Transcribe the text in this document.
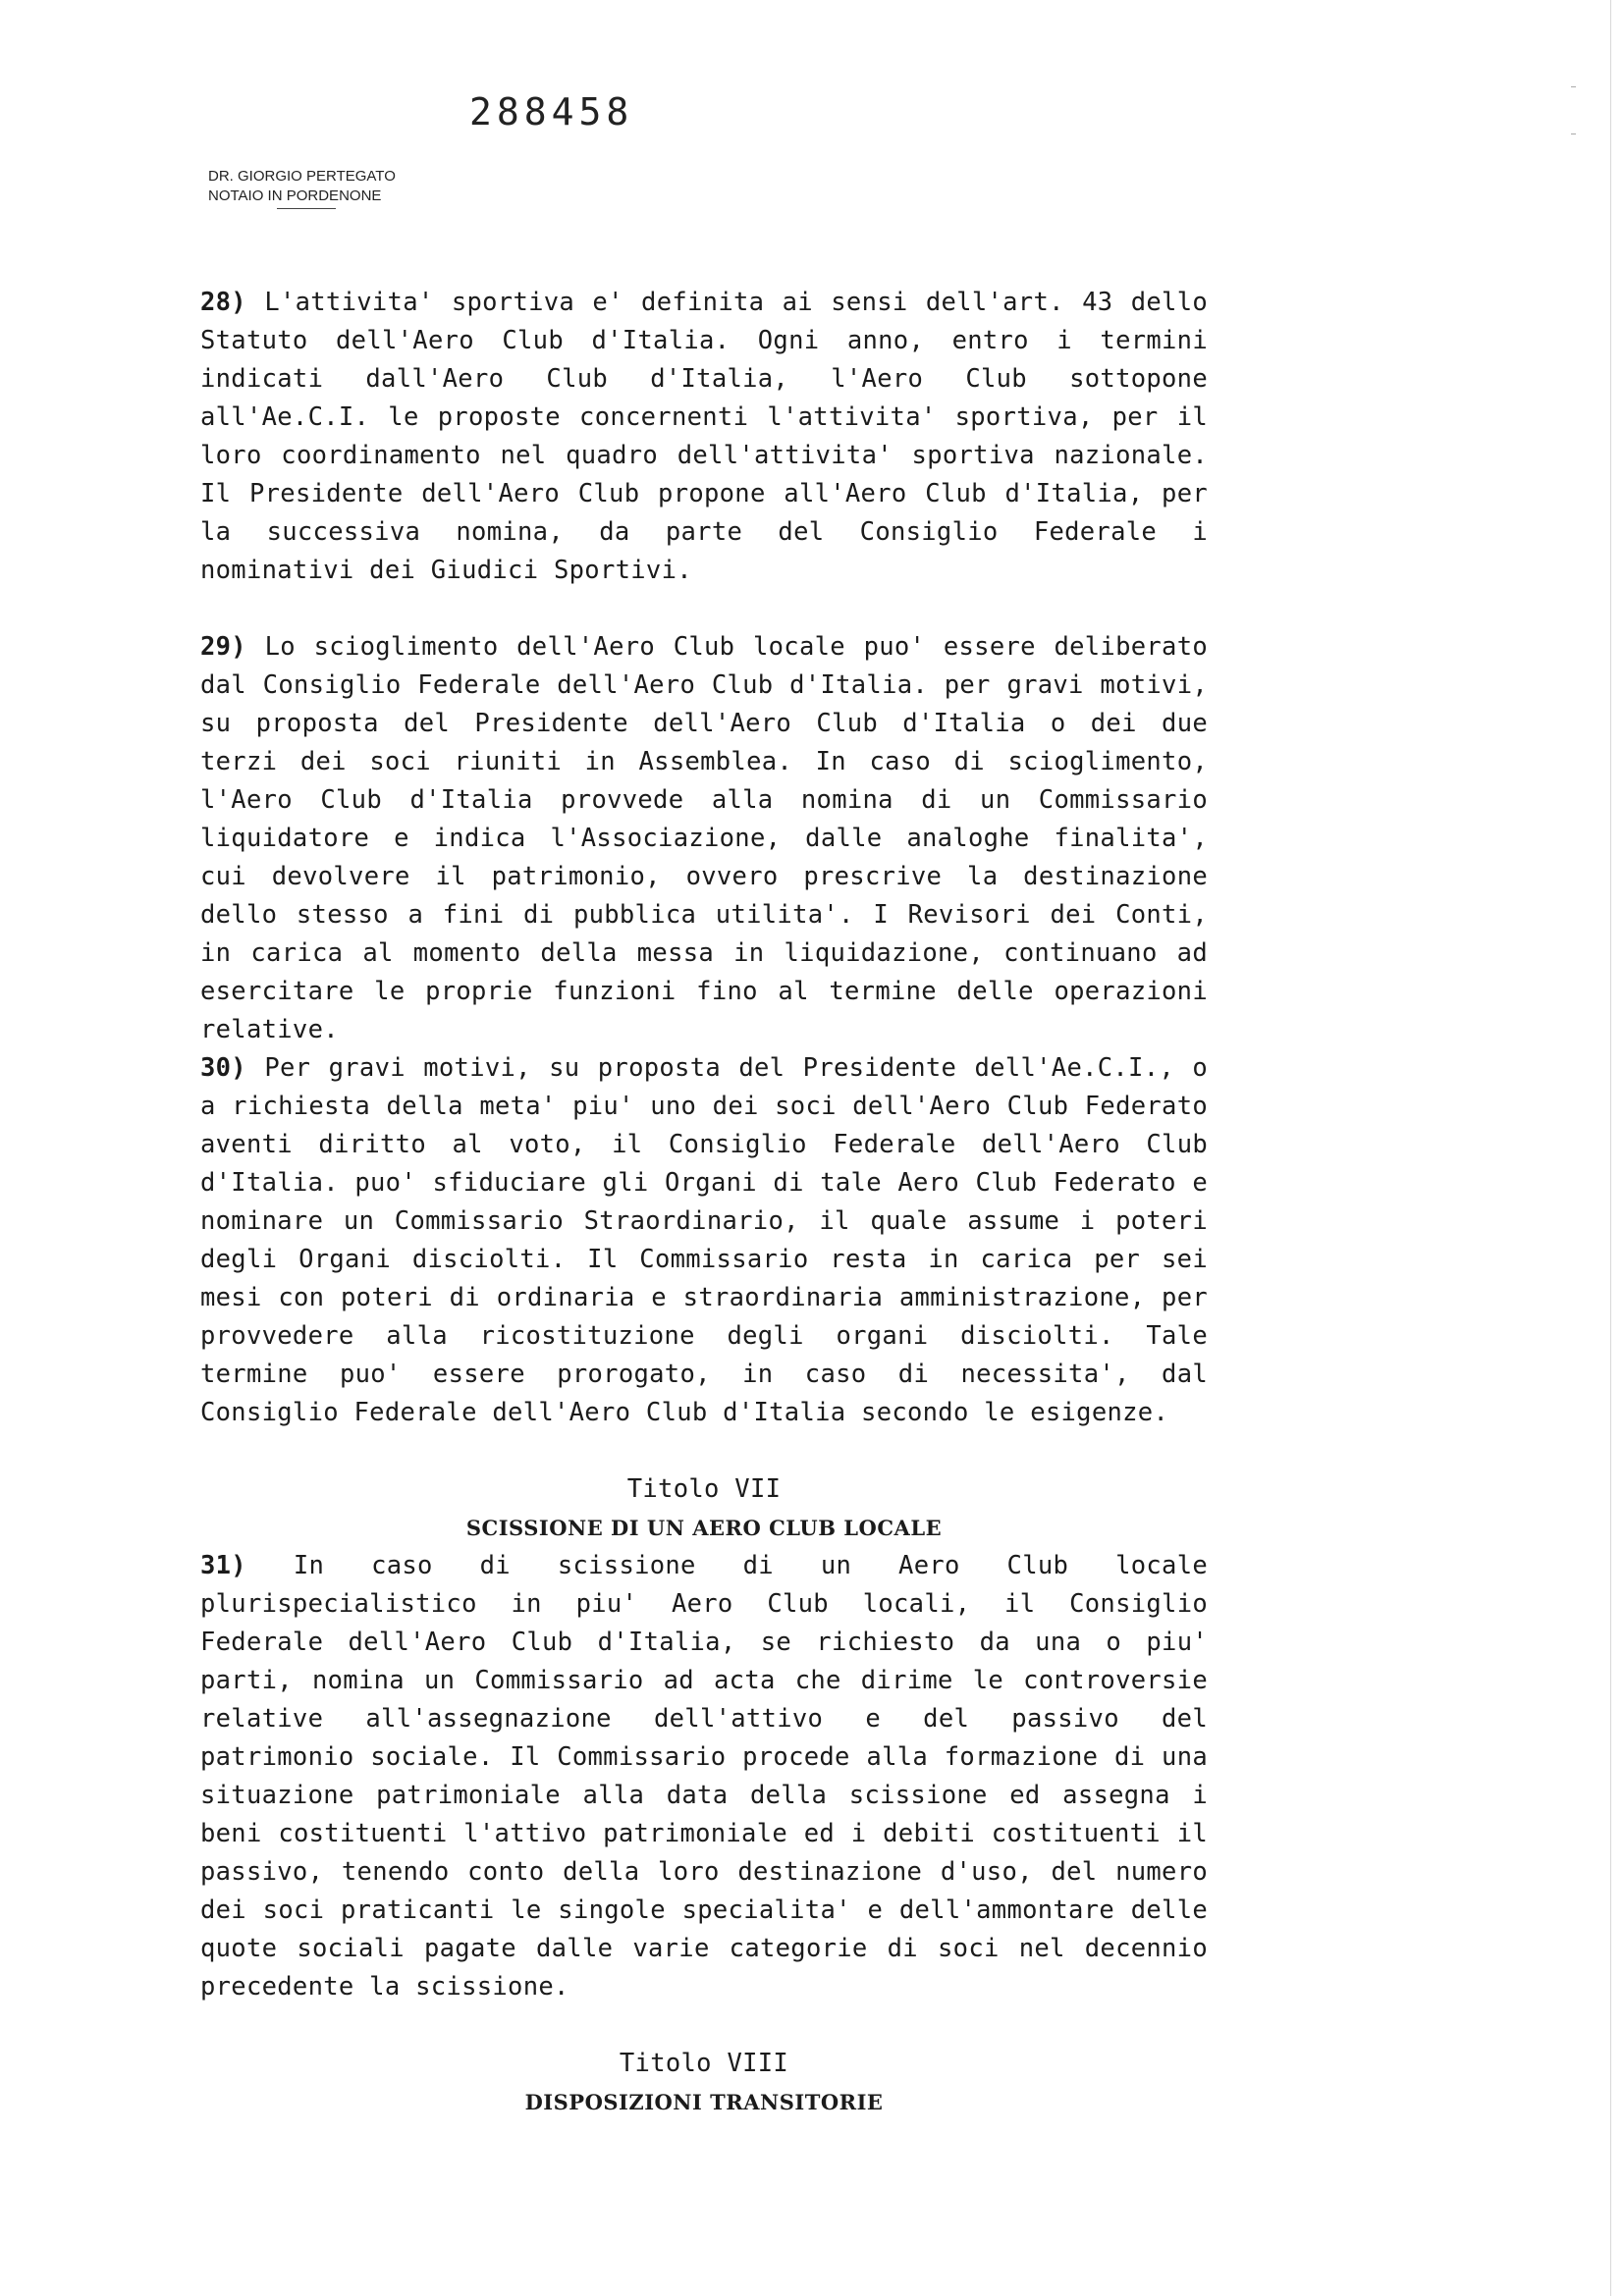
288458
DR. GIORGIO PERTEGATO
NOTAIO IN PORDENONE

28) L'attivita' sportiva e' definita ai sensi dell'art. 43 dello Statuto dell'Aero Club d'Italia. Ogni anno, entro i termini indicati dall'Aero Club d'Italia, l'Aero Club sottopone all'Ae.C.I. le proposte concernenti l'attivita' sportiva, per il loro coordinamento nel quadro dell'attivita' sportiva nazionale. Il Presidente dell'Aero Club propone all'Aero Club d'Italia, per la successiva nomina, da parte del Consiglio Federale i nominativi dei Giudici Sportivi.

29) Lo scioglimento dell'Aero Club locale puo' essere deliberato dal Consiglio Federale dell'Aero Club d'Italia. per gravi motivi, su proposta del Presidente dell'Aero Club d'Italia o dei due terzi dei soci riuniti in Assemblea. In caso di scioglimento, l'Aero Club d'Italia provvede alla nomina di un Commissario liquidatore e indica l'Associazione, dalle analoghe finalita', cui devolvere il patrimonio, ovvero prescrive la destinazione dello stesso a fini di pubblica utilita'. I Revisori dei Conti, in carica al momento della messa in liquidazione, continuano ad esercitare le proprie funzioni fino al termine delle operazioni relative.

30) Per gravi motivi, su proposta del Presidente dell'Ae.C.I., o a richiesta della meta' piu' uno dei soci dell'Aero Club Federato aventi diritto al voto, il Consiglio Federale dell'Aero Club d'Italia. puo' sfiduciare gli Organi di tale Aero Club Federato e nominare un Commissario Straordinario, il quale assume i poteri degli Organi disciolti. Il Commissario resta in carica per sei mesi con poteri di ordinaria e straordinaria amministrazione, per provvedere alla ricostituzione degli organi disciolti. Tale termine puo' essere prorogato, in caso di necessita', dal Consiglio Federale dell'Aero Club d'Italia secondo le esigenze.

Titolo VII

SCISSIONE DI UN AERO CLUB LOCALE

31) In caso di scissione di un Aero Club locale plurispecialistico in piu' Aero Club locali, il Consiglio Federale dell'Aero Club d'Italia, se richiesto da una o piu' parti, nomina un Commissario ad acta che dirime le controversie relative all'assegnazione dell'attivo e del passivo del patrimonio sociale. Il Commissario procede alla formazione di una situazione patrimoniale alla data della scissione ed assegna i beni costituenti l'attivo patrimoniale ed i debiti costituenti il passivo, tenendo conto della loro destinazione d'uso, del numero dei soci praticanti le singole specialita' e dell'ammontare delle quote sociali pagate dalle varie categorie di soci nel decennio precedente la scissione.

Titolo VIII

DISPOSIZIONI TRANSITORIE
